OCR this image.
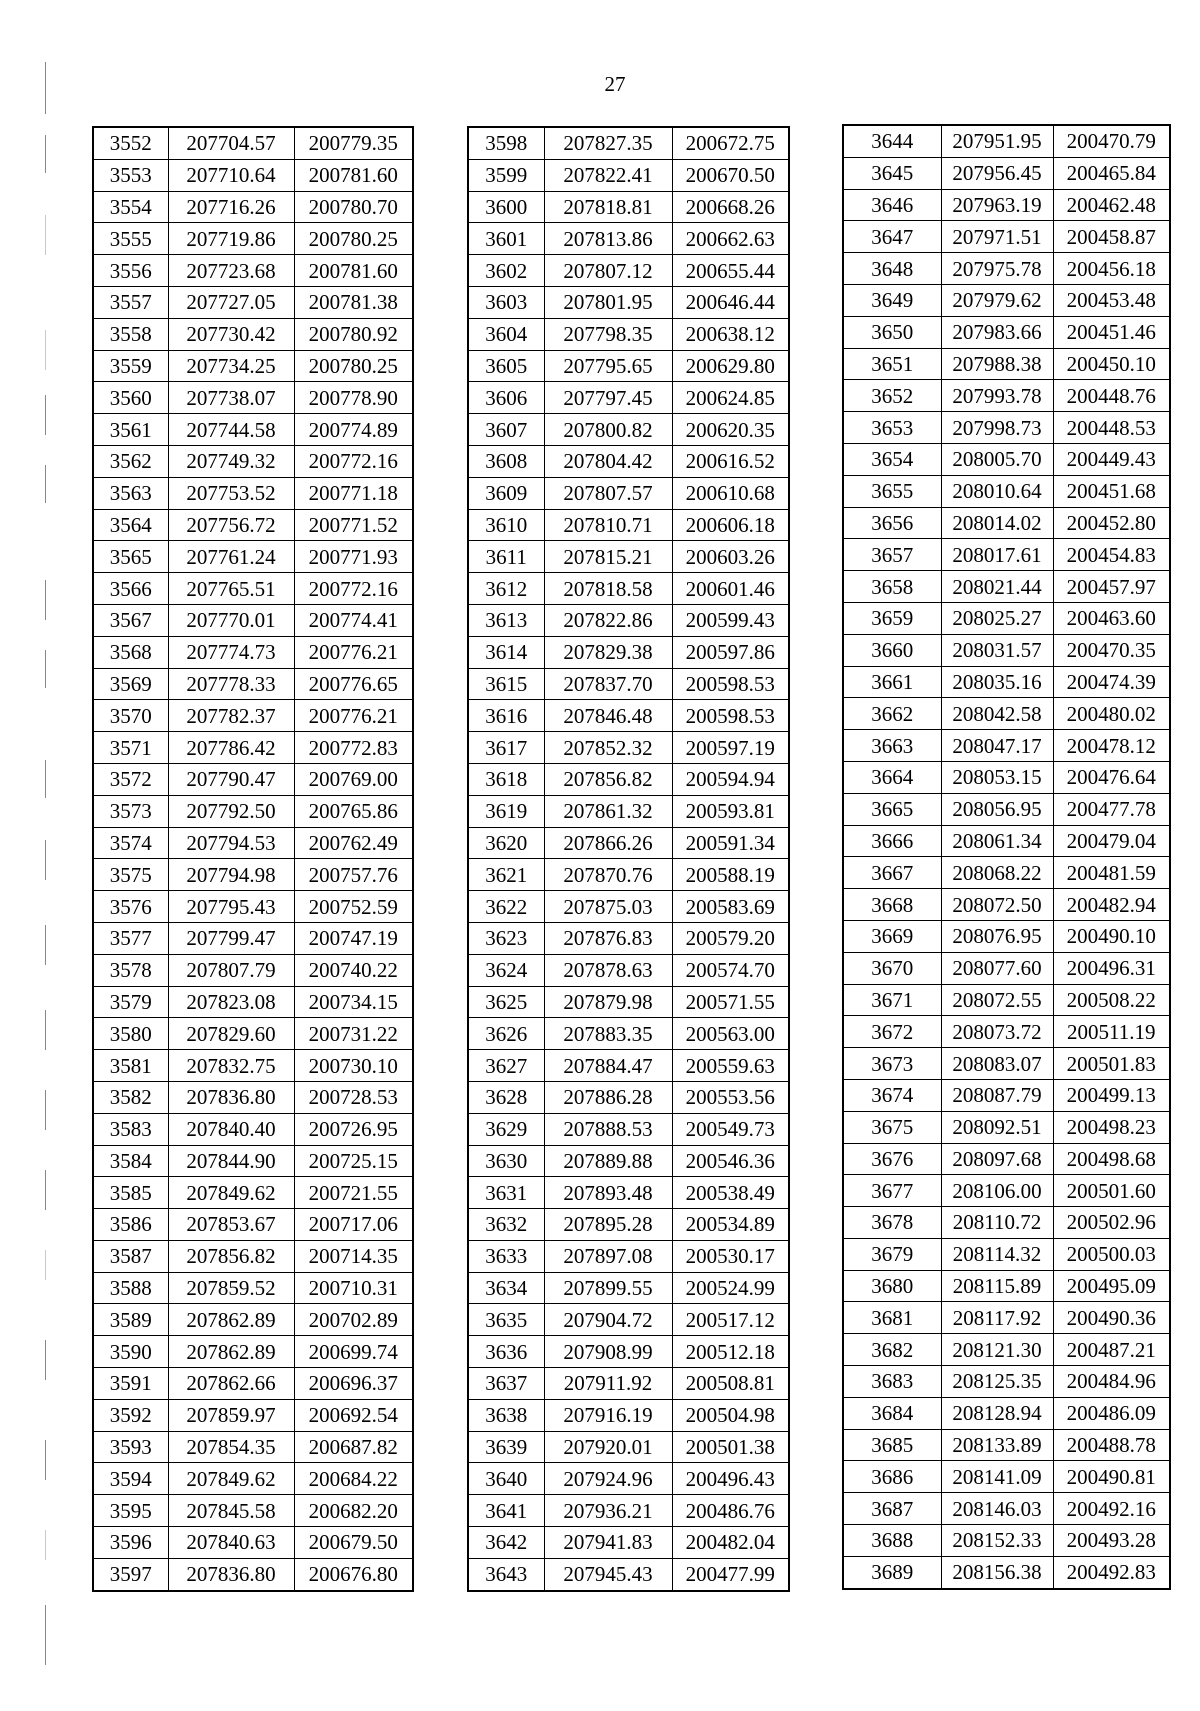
27
3552	207704.57	200779.35
3553	207710.64	200781.60
3554	207716.26	200780.70
3555	207719.86	200780.25
3556	207723.68	200781.60
3557	207727.05	200781.38
3558	207730.42	200780.92
3559	207734.25	200780.25
3560	207738.07	200778.90
3561	207744.58	200774.89
3562	207749.32	200772.16
3563	207753.52	200771.18
3564	207756.72	200771.52
3565	207761.24	200771.93
3566	207765.51	200772.16
3567	207770.01	200774.41
3568	207774.73	200776.21
3569	207778.33	200776.65
3570	207782.37	200776.21
3571	207786.42	200772.83
3572	207790.47	200769.00
3573	207792.50	200765.86
3574	207794.53	200762.49
3575	207794.98	200757.76
3576	207795.43	200752.59
3577	207799.47	200747.19
3578	207807.79	200740.22
3579	207823.08	200734.15
3580	207829.60	200731.22
3581	207832.75	200730.10
3582	207836.80	200728.53
3583	207840.40	200726.95
3584	207844.90	200725.15
3585	207849.62	200721.55
3586	207853.67	200717.06
3587	207856.82	200714.35
3588	207859.52	200710.31
3589	207862.89	200702.89
3590	207862.89	200699.74
3591	207862.66	200696.37
3592	207859.97	200692.54
3593	207854.35	200687.82
3594	207849.62	200684.22
3595	207845.58	200682.20
3596	207840.63	200679.50
3597	207836.80	200676.80
3598	207827.35	200672.75
3599	207822.41	200670.50
3600	207818.81	200668.26
3601	207813.86	200662.63
3602	207807.12	200655.44
3603	207801.95	200646.44
3604	207798.35	200638.12
3605	207795.65	200629.80
3606	207797.45	200624.85
3607	207800.82	200620.35
3608	207804.42	200616.52
3609	207807.57	200610.68
3610	207810.71	200606.18
3611	207815.21	200603.26
3612	207818.58	200601.46
3613	207822.86	200599.43
3614	207829.38	200597.86
3615	207837.70	200598.53
3616	207846.48	200598.53
3617	207852.32	200597.19
3618	207856.82	200594.94
3619	207861.32	200593.81
3620	207866.26	200591.34
3621	207870.76	200588.19
3622	207875.03	200583.69
3623	207876.83	200579.20
3624	207878.63	200574.70
3625	207879.98	200571.55
3626	207883.35	200563.00
3627	207884.47	200559.63
3628	207886.28	200553.56
3629	207888.53	200549.73
3630	207889.88	200546.36
3631	207893.48	200538.49
3632	207895.28	200534.89
3633	207897.08	200530.17
3634	207899.55	200524.99
3635	207904.72	200517.12
3636	207908.99	200512.18
3637	207911.92	200508.81
3638	207916.19	200504.98
3639	207920.01	200501.38
3640	207924.96	200496.43
3641	207936.21	200486.76
3642	207941.83	200482.04
3643	207945.43	200477.99
3644	207951.95	200470.79
3645	207956.45	200465.84
3646	207963.19	200462.48
3647	207971.51	200458.87
3648	207975.78	200456.18
3649	207979.62	200453.48
3650	207983.66	200451.46
3651	207988.38	200450.10
3652	207993.78	200448.76
3653	207998.73	200448.53
3654	208005.70	200449.43
3655	208010.64	200451.68
3656	208014.02	200452.80
3657	208017.61	200454.83
3658	208021.44	200457.97
3659	208025.27	200463.60
3660	208031.57	200470.35
3661	208035.16	200474.39
3662	208042.58	200480.02
3663	208047.17	200478.12
3664	208053.15	200476.64
3665	208056.95	200477.78
3666	208061.34	200479.04
3667	208068.22	200481.59
3668	208072.50	200482.94
3669	208076.95	200490.10
3670	208077.60	200496.31
3671	208072.55	200508.22
3672	208073.72	200511.19
3673	208083.07	200501.83
3674	208087.79	200499.13
3675	208092.51	200498.23
3676	208097.68	200498.68
3677	208106.00	200501.60
3678	208110.72	200502.96
3679	208114.32	200500.03
3680	208115.89	200495.09
3681	208117.92	200490.36
3682	208121.30	200487.21
3683	208125.35	200484.96
3684	208128.94	200486.09
3685	208133.89	200488.78
3686	208141.09	200490.81
3687	208146.03	200492.16
3688	208152.33	200493.28
3689	208156.38	200492.83
